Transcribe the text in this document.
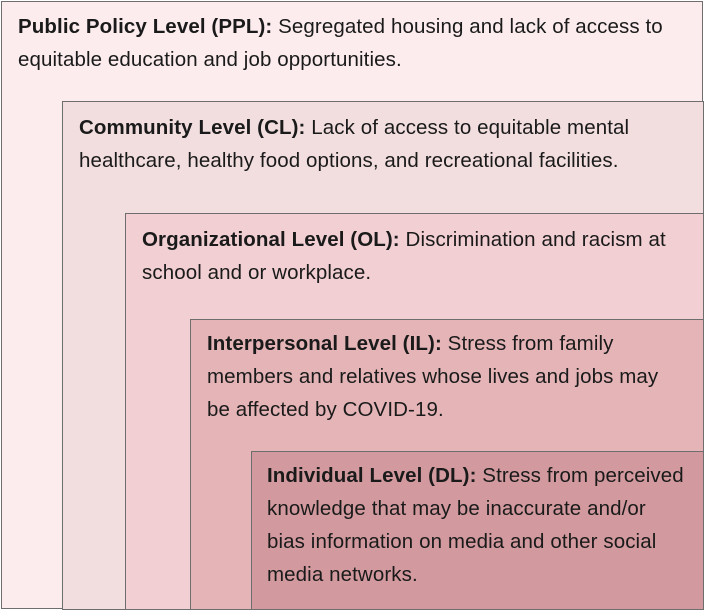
Public Policy Level (PPL): Segregated housing and lack of access to equitable education and job opportunities.

Community Level (CL): Lack of access to equitable mental healthcare, healthy food options, and recreational facilities.

Organizational Level (OL): Discrimination and racism at school and or workplace.

Interpersonal Level (IL): Stress from family members and relatives whose lives and jobs may be affected by COVID-19.

Individual Level (DL): Stress from perceived knowledge that may be inaccurate and/or bias information on media and other social media networks.
